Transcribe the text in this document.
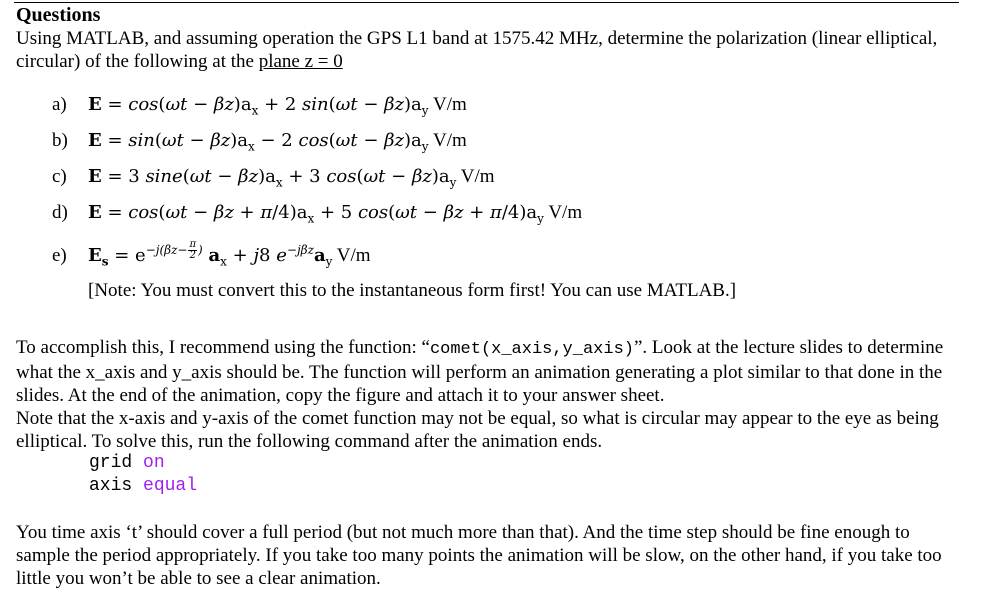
Questions
Using MATLAB, and assuming operation the GPS L1 band at 1575.42 MHz, determine the polarization (linear elliptical, circular) of the following at the plane z = 0
a) $E = \cos(\omega t - \beta z)a_x + 2$ $\sin(\omega t - \beta z)a_y$ V/m
b) $E = \sin(\omega t - \beta z)a_x - 2$ $\cos(\omega t - \beta z)a_y$ V/m
c) E = 3 $\sin e(\omega t - \beta z)a_x + 3$ $\cos(\omega t - \beta z)a_y$ V/m
d) $E = \cos(\omega t - \beta z + \pi/4)a_x + 5$ $\cos(\omega t - \beta z + \pi/4)a_y$ V/m
e) $E_s = e^{-j(\beta z- \frac{\pi}{2} )}$ $a_x + j8$ $e^{-j\beta z}a_y$ V/m
[Note: You must convert this to the instantaneous form first! You can use MATLAB.]
To accomplish this, I recommend using the function: “comet(x_axis,y_axis)”. Look at the lecture slides to determine what the x_axis and y_axis should be. The function will perform an animation generating a plot similar to that done in the slides. At the end of the animation, copy the figure and attach it to your answer sheet.
Note that the x-axis and y-axis of the comet function may not be equal, so what is circular may appear to the eye as being elliptical. To solve this, run the following command after the animation ends.
grid on
axis equal
You time axis ‘t’ should cover a full period (but not much more than that). And the time step should be fine enough to sample the period appropriately. If you take too many points the animation will be slow, on the other hand, if you take too little you won’t be able to see a clear animation.
